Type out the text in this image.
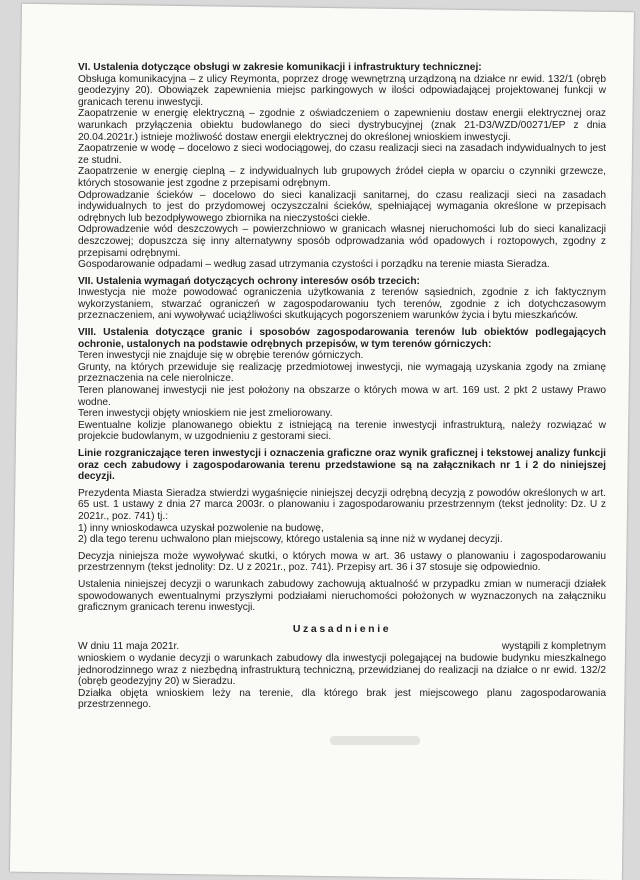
VI. Ustalenia dotyczące obsługi w zakresie komunikacji i infrastruktury technicznej:

Obsługa komunikacyjna – z ulicy Reymonta, poprzez drogę wewnętrzną urządzoną na działce nr ewid. 132/1 (obręb geodezyjny 20). Obowiązek zapewnienia miejsc parkingowych w ilości odpowiadającej projektowanej funkcji w granicach terenu inwestycji.

Zaopatrzenie w energię elektryczną – zgodnie z oświadczeniem o zapewnieniu dostaw energii elektrycznej oraz warunkach przyłączenia obiektu budowlanego do sieci dystrybucyjnej (znak 21-D3/WZD/00271/EP z dnia 20.04.2021r.) istnieje możliwość dostaw energii elektrycznej do określonej wnioskiem inwestycji.

Zaopatrzenie w wodę – docelowo z sieci wodociągowej, do czasu realizacji sieci na zasadach indywidualnych to jest ze studni.

Zaopatrzenie w energię cieplną – z indywidualnych lub grupowych źródeł ciepła w oparciu o czynniki grzewcze, których stosowanie jest zgodne z przepisami odrębnym.

Odprowadzanie ścieków – docelowo do sieci kanalizacji sanitarnej, do czasu realizacji sieci na zasadach indywidualnych to jest do przydomowej oczyszczalni ścieków, spełniającej wymagania określone w przepisach odrębnych lub bezodpływowego zbiornika na nieczystości ciekłe.

Odprowadzenie wód deszczowych – powierzchniowo w granicach własnej nieruchomości lub do sieci kanalizacji deszczowej; dopuszcza się inny alternatywny sposób odprowadzania wód opadowych i roztopowych, zgodny z przepisami odrębnymi.

Gospodarowanie odpadami – według zasad utrzymania czystości i porządku na terenie miasta Sieradza.

VII. Ustalenia wymagań dotyczących ochrony interesów osób trzecich:

Inwestycja nie może powodować ograniczenia użytkowania z terenów sąsiednich, zgodnie z ich faktycznym wykorzystaniem, stwarzać ograniczeń w zagospodarowaniu tych terenów, zgodnie z ich dotychczasowym przeznaczeniem, ani wywoływać uciążliwości skutkujących pogorszeniem warunków życia i bytu mieszkańców.

VIII. Ustalenia dotyczące granic i sposobów zagospodarowania terenów lub obiektów podlegających ochronie, ustalonych na podstawie odrębnych przepisów, w tym terenów górniczych:

Teren inwestycji nie znajduje się w obrębie terenów górniczych.

Grunty, na których przewiduje się realizację przedmiotowej inwestycji, nie wymagają uzyskania zgody na zmianę przeznaczenia na cele nierolnicze.

Teren planowanej inwestycji nie jest położony na obszarze o których mowa w art. 169 ust. 2 pkt 2 ustawy Prawo wodne.

Teren inwestycji objęty wnioskiem nie jest zmeliorowany.

Ewentualne kolizje planowanego obiektu z istniejącą na terenie inwestycji infrastrukturą, należy rozwiązać w projekcie budowlanym, w uzgodnieniu z gestorami sieci.

Linie rozgraniczające teren inwestycji i oznaczenia graficzne oraz wynik graficznej i tekstowej analizy funkcji oraz cech zabudowy i zagospodarowania terenu przedstawione są na załącznikach nr 1 i 2 do niniejszej decyzji.

Prezydenta Miasta Sieradza stwierdzi wygaśnięcie niniejszej decyzji odrębną decyzją z powodów określonych w art. 65 ust. 1 ustawy z dnia 27 marca 2003r. o planowaniu i zagospodarowaniu przestrzennym (tekst jednolity: Dz. U z 2021r., poz. 741) tj.:

1) inny wnioskodawca uzyskał pozwolenie na budowę,
2) dla tego terenu uchwalono plan miejscowy, którego ustalenia są inne niż w wydanej decyzji.

Decyzja niniejsza może wywoływać skutki, o których mowa w art. 36 ustawy o planowaniu i zagospodarowaniu przestrzennym (tekst jednolity: Dz. U z 2021r., poz. 741). Przepisy art. 36 i 37 stosuje się odpowiednio.

Ustalenia niniejszej decyzji o warunkach zabudowy zachowują aktualność w przypadku zmian w numeracji działek spowodowanych ewentualnymi przyszłymi podziałami nieruchomości położonych w wyznaczonych na załączniku graficznym granicach terenu inwestycji.

Uzasadnienie

W dniu 11 maja 2021r.	wystąpili z kompletnym

wnioskiem o wydanie decyzji o warunkach zabudowy dla inwestycji polegającej na budowie budynku mieszkalnego jednorodzinnego wraz z niezbędną infrastrukturą techniczną, przewidzianej do realizacji na działce o nr ewid. 132/2 (obręb geodezyjny 20) w Sieradzu.

Działka objęta wnioskiem leży na terenie, dla którego brak jest miejscowego planu zagospodarowania przestrzennego.
